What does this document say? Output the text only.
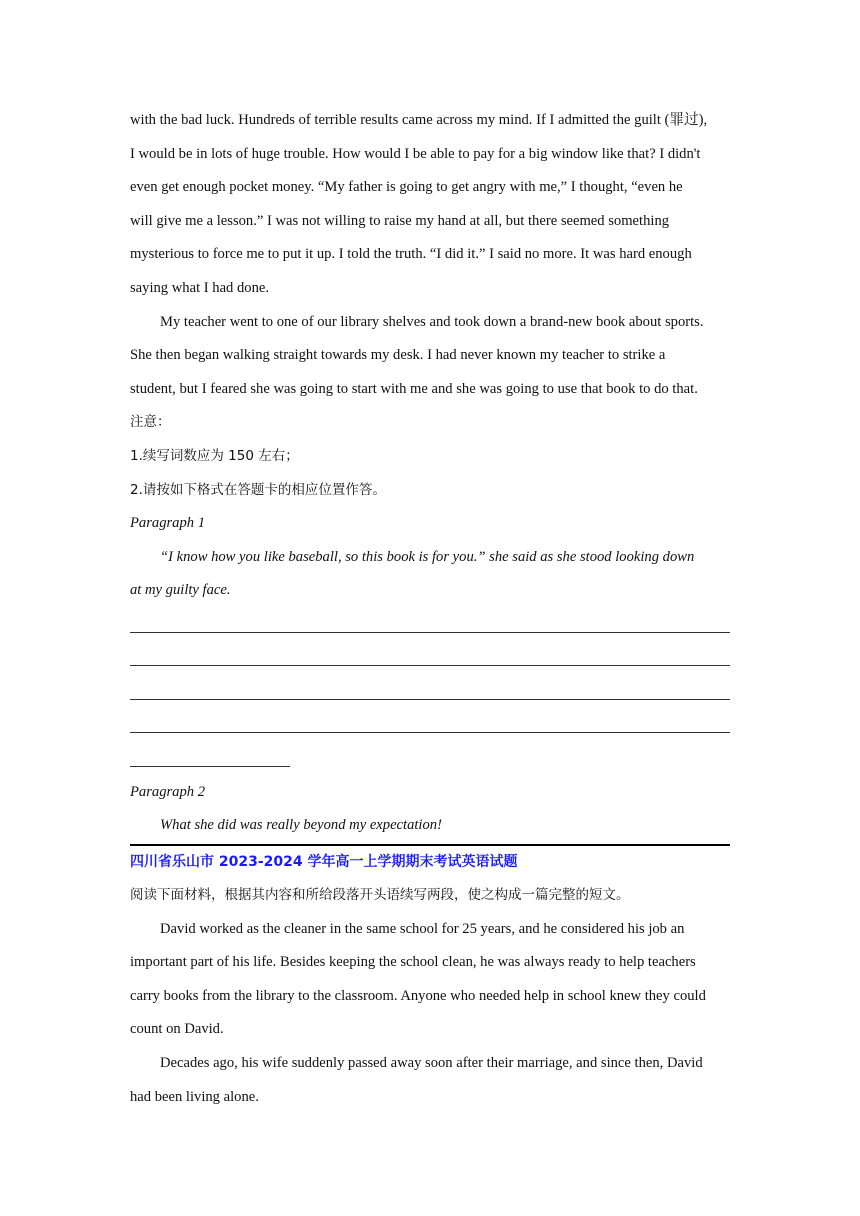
with the bad luck. Hundreds of terrible results came across my mind. If I admitted the guilt (罪过),

I would be in lots of huge trouble. How would I be able to pay for a big window like that? I didn't

even get enough pocket money. “My father is going to get angry with me,” I thought, “even he

will give me a lesson.” I was not willing to raise my hand at all, but there seemed something

mysterious to force me to put it up. I told the truth. “I did it.” I said no more. It was hard enough

saying what I had done.

My teacher went to one of our library shelves and took down a brand-new book about sports.

She then began walking straight towards my desk. I had never known my teacher to strike a

student, but I feared she was going to start with me and she was going to use that book to do that.

注意：

1.续写词数应为 150 左右；

2.请按如下格式在答题卡的相应位置作答。

Paragraph 1

“I know how you like baseball, so this book is for you.” she said as she stood looking down

at my guilty face.

Paragraph 2

What she did was really beyond my expectation!

四川省乐山市 2023-2024 学年高一上学期期末考试英语试题

阅读下面材料，根据其内容和所给段落开头语续写两段，使之构成一篇完整的短文。

David worked as the cleaner in the same school for 25 years, and he considered his job an

important part of his life. Besides keeping the school clean, he was always ready to help teachers

carry books from the library to the classroom. Anyone who needed help in school knew they could

count on David.

Decades ago, his wife suddenly passed away soon after their marriage, and since then, David

had been living alone.
